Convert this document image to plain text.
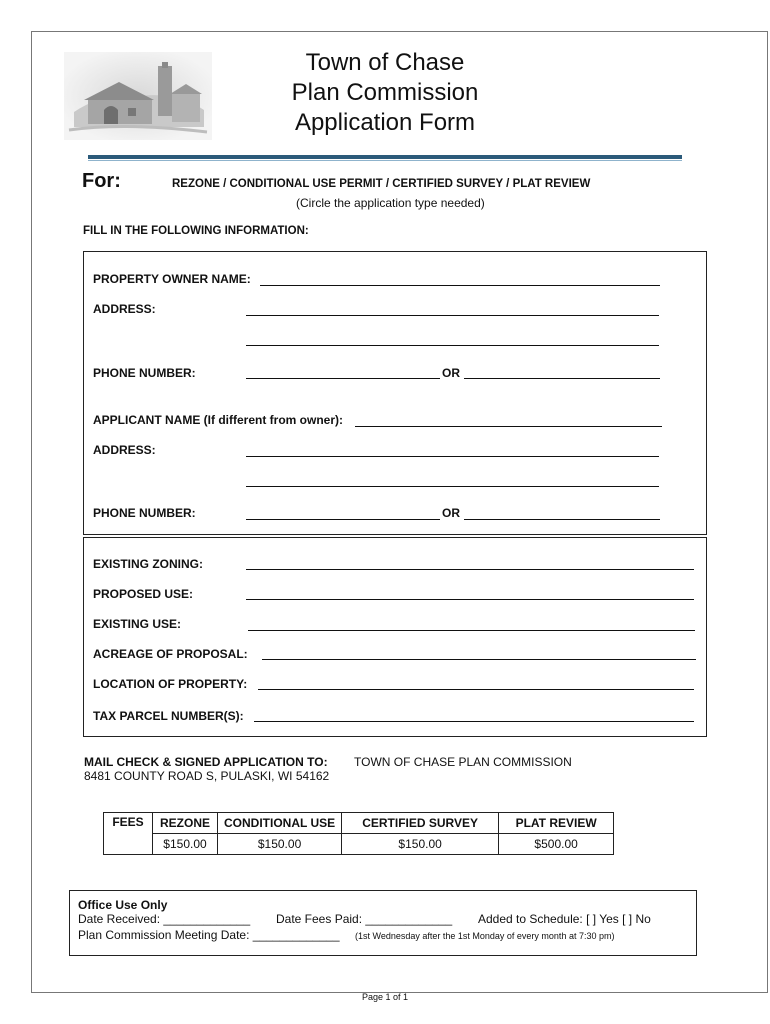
Town of Chase
Plan Commission
Application Form
For:	REZONE / CONDITIONAL USE PERMIT / CERTIFIED SURVEY / PLAT REVIEW
(Circle the application type needed)
FILL IN THE FOLLOWING INFORMATION:
PROPERTY OWNER NAME:
ADDRESS:
PHONE NUMBER:	OR
APPLICANT NAME (If different from owner):
ADDRESS:
PHONE NUMBER:	OR
EXISTING ZONING:
PROPOSED USE:
EXISTING USE:
ACREAGE OF PROPOSAL:
LOCATION OF PROPERTY:
TAX PARCEL NUMBER(S):
MAIL CHECK & SIGNED APPLICATION TO: TOWN OF CHASE PLAN COMMISSION
8481 COUNTY ROAD S, PULASKI, WI 54162
FEES	REZONE	CONDITIONAL USE	CERTIFIED SURVEY	PLAT REVIEW
	$150.00	$150.00	$150.00	$500.00
Office Use Only
Date Received: _____________ Date Fees Paid: _____________ Added to Schedule: [ ] Yes [ ] No
Plan Commission Meeting Date: _____________ (1st Wednesday after the 1st Monday of every month at 7:30 pm)
Page 1 of 1
